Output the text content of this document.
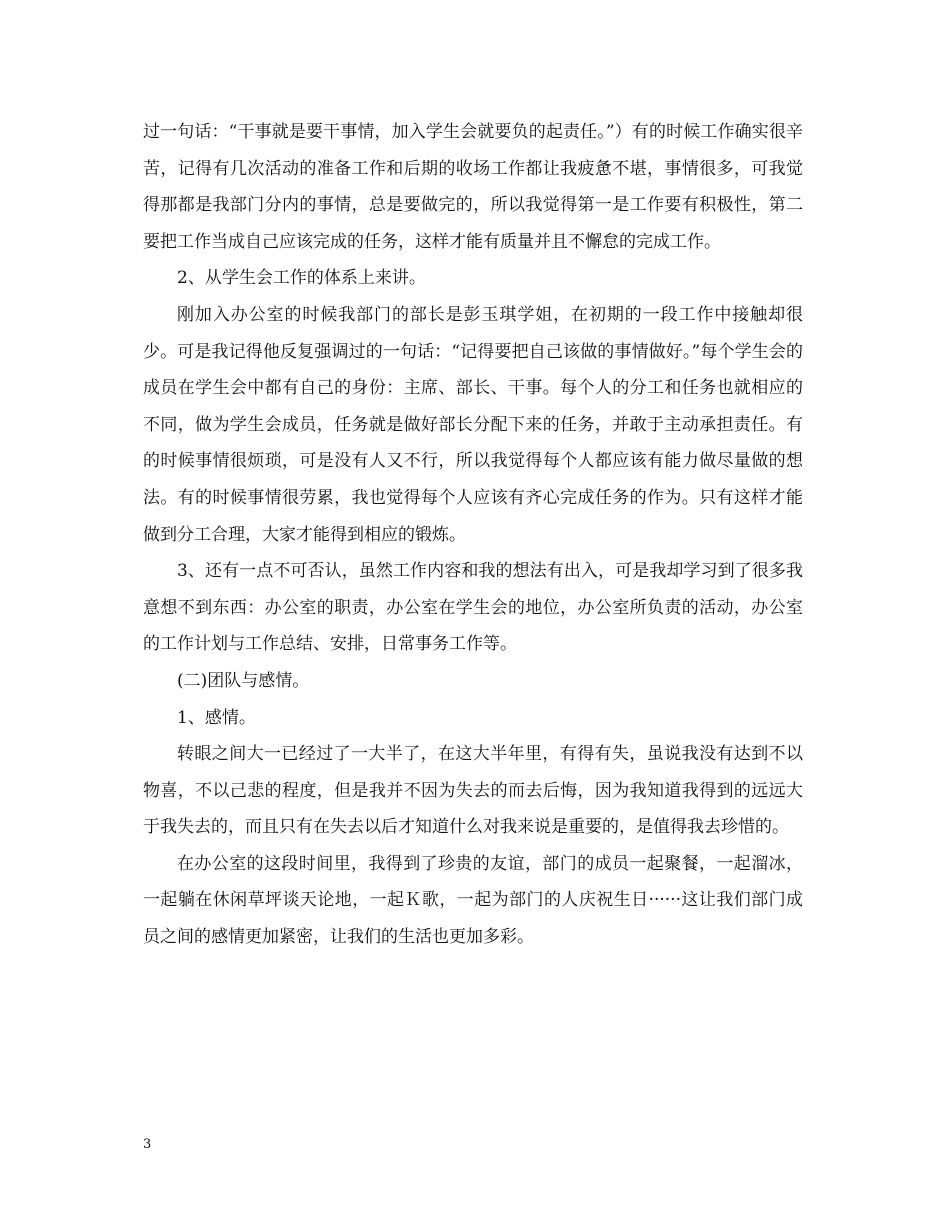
过一句话：“干事就是要干事情，加入学生会就要负的起责任。”）有的时候工作确实很辛苦，记得有几次活动的准备工作和后期的收场工作都让我疲惫不堪，事情很多，可我觉得那都是我部门分内的事情，总是要做完的，所以我觉得第一是工作要有积极性，第二要把工作当成自己应该完成的任务，这样才能有质量并且不懈怠的完成工作。

2、从学生会工作的体系上来讲。

刚加入办公室的时候我部门的部长是彭玉琪学姐，在初期的一段工作中接触却很少。可是我记得他反复强调过的一句话：“记得要把自己该做的事情做好。”每个学生会的成员在学生会中都有自己的身份：主席、部长、干事。每个人的分工和任务也就相应的不同，做为学生会成员，任务就是做好部长分配下来的任务，并敢于主动承担责任。有的时候事情很烦琐，可是没有人又不行，所以我觉得每个人都应该有能力做尽量做的想法。有的时候事情很劳累，我也觉得每个人应该有齐心完成任务的作为。只有这样才能做到分工合理，大家才能得到相应的锻炼。

3、还有一点不可否认，虽然工作内容和我的想法有出入，可是我却学习到了很多我意想不到东西：办公室的职责，办公室在学生会的地位，办公室所负责的活动，办公室的工作计划与工作总结、安排，日常事务工作等。

(二)团队与感情。

1、感情。

转眼之间大一已经过了一大半了，在这大半年里，有得有失，虽说我没有达到不以物喜，不以己悲的程度，但是我并不因为失去的而去后悔，因为我知道我得到的远远大于我失去的，而且只有在失去以后才知道什么对我来说是重要的，是值得我去珍惜的。

在办公室的这段时间里，我得到了珍贵的友谊，部门的成员一起聚餐，一起溜冰，一起躺在休闲草坪谈天论地，一起Ｋ歌，一起为部门的人庆祝生日······这让我们部门成员之间的感情更加紧密，让我们的生活也更加多彩。

3
